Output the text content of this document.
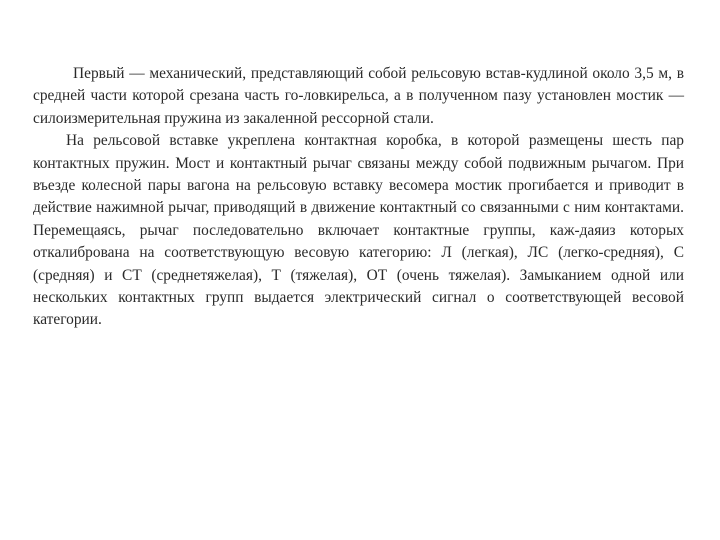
Первый — механический, представляющий собой рельсовую встав-кудлиной около 3,5 м, в средней части которой срезана часть го-ловкирельса, а в полученном пазу установлен мостик — силоизмерительная пружина из закаленной рессорной стали.

На рельсовой вставке укреплена контактная коробка, в которой размещены шесть пар контактных пружин. Мост и контактный рычаг связаны между собой подвижным рычагом. При въезде колесной пары вагона на рельсовую вставку весомера мостик прогибается и приводит в действие нажимной рычаг, приводящий в движение контактный со связанными с ним контактами. Перемещаясь, рычаг последовательно включает контактные группы, каж-даяиз которых откалибрована на соответствующую весовую категорию: Л (легкая), ЛС (легко-средняя), С (средняя) и СТ (среднетяжелая), Т (тяжелая), ОТ (очень тяжелая). Замыканием одной или нескольких контактных групп выдается электрический сигнал о соответствующей весовой категории.
